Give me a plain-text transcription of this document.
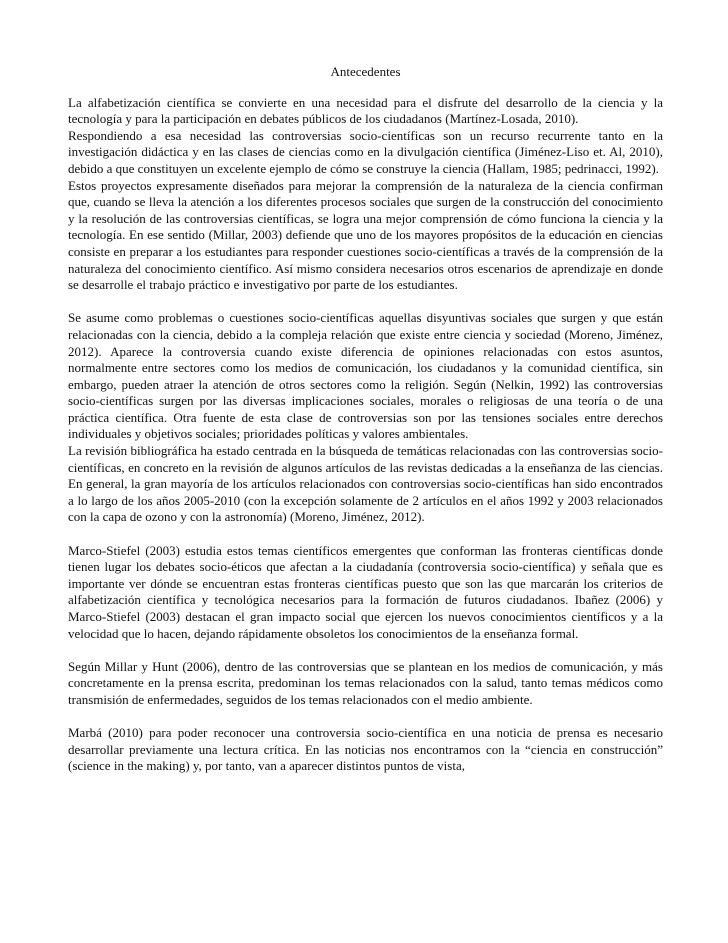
Antecedentes

La alfabetización científica se convierte en una necesidad para el disfrute del desarrollo de la ciencia y la tecnología y para la participación en debates públicos de los ciudadanos (Martínez-Losada, 2010).

Respondiendo a esa necesidad las controversias socio-científicas son un recurso recurrente tanto en la investigación didáctica y en las clases de ciencias como en la divulgación científica (Jiménez-Liso et. Al, 2010), debido a que constituyen un excelente ejemplo de cómo se construye la ciencia (Hallam, 1985; pedrinacci, 1992).

Estos proyectos expresamente diseñados para mejorar la comprensión de la naturaleza de la ciencia confirman que, cuando se lleva la atención a los diferentes procesos sociales que surgen de la construcción del conocimiento y la resolución de las controversias científicas, se logra una mejor comprensión de cómo funciona la ciencia y la tecnología. En ese sentido (Millar, 2003) defiende que uno de los mayores propósitos de la educación en ciencias consiste en preparar a los estudiantes para responder cuestiones socio-científicas a través de la comprensión de la naturaleza del conocimiento científico. Así mismo considera necesarios otros escenarios de aprendizaje en donde se desarrolle el trabajo práctico e investigativo por parte de los estudiantes.

Se asume como problemas o cuestiones socio-científicas aquellas disyuntivas sociales que surgen y que están relacionadas con la ciencia, debido a la compleja relación que existe entre ciencia y sociedad (Moreno, Jiménez, 2012). Aparece la controversia cuando existe diferencia de opiniones relacionadas con estos asuntos, normalmente entre sectores como los medios de comunicación, los ciudadanos y la comunidad científica, sin embargo, pueden atraer la atención de otros sectores como la religión. Según (Nelkin, 1992) las controversias socio-científicas surgen por las diversas implicaciones sociales, morales o religiosas de una teoría o de una práctica científica. Otra fuente de esta clase de controversias son por las tensiones sociales entre derechos individuales y objetivos sociales; prioridades políticas y valores ambientales.

La revisión bibliográfica ha estado centrada en la búsqueda de temáticas relacionadas con las controversias socio-científicas, en concreto en la revisión de algunos artículos de las revistas dedicadas a la enseñanza de las ciencias. En general, la gran mayoría de los artículos relacionados con controversias socio-científicas han sido encontrados a lo largo de los años 2005-2010 (con la excepción solamente de 2 artículos en el años 1992 y 2003 relacionados con la capa de ozono y con la astronomía) (Moreno, Jiménez, 2012).

Marco-Stiefel (2003) estudia estos temas científicos emergentes que conforman las fronteras científicas donde tienen lugar los debates socio-éticos que afectan a la ciudadanía (controversia socio-científica) y señala que es importante ver dónde se encuentran estas fronteras científicas puesto que son las que marcarán los criterios de alfabetización científica y tecnológica necesarios para la formación de futuros ciudadanos. Ibañez (2006) y Marco-Stiefel (2003) destacan el gran impacto social que ejercen los nuevos conocimientos científicos y a la velocidad que lo hacen, dejando rápidamente obsoletos los conocimientos de la enseñanza formal.

Según Millar y Hunt (2006), dentro de las controversias que se plantean en los medios de comunicación, y más concretamente en la prensa escrita, predominan los temas relacionados con la salud, tanto temas médicos como transmisión de enfermedades, seguidos de los temas relacionados con el medio ambiente.

Marbá (2010) para poder reconocer una controversia socio-científica en una noticia de prensa es necesario desarrollar previamente una lectura crítica. En las noticias nos encontramos con la “ciencia en construcción” (science in the making) y, por tanto, van a aparecer distintos puntos de vista,
